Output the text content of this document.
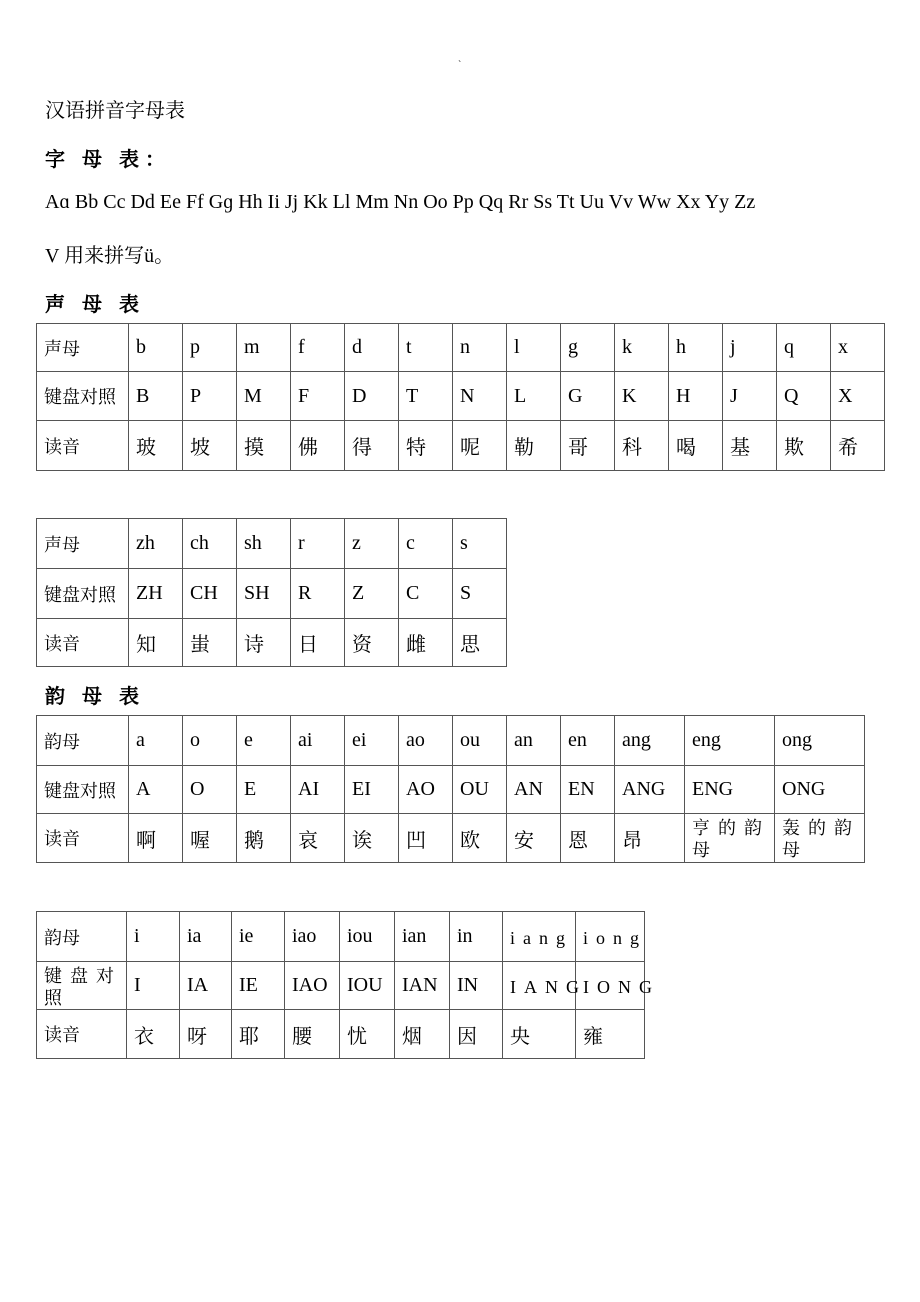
`
汉语拼音字母表
字 母 表：
Aɑ Bb Cc Dd Ee Ff Gɡ Hh Ii Jj Kk Ll Mm Nn Oo Pp Qq Rr Ss Tt Uu Vv Ww Xx Yy Zz
V 用来拼写ü。
声 母 表
韵 母 表
声母	b	p	m	f	d	t	n	l	g	k	h	j	q	x
键盘对照	B	P	M	F	D	T	N	L	G	K	H	J	Q	X
读音	玻	坡	摸	佛	得	特	呢	勒	哥	科	喝	基	欺	希
声母	zh	ch	sh	r	z	c	s
键盘对照	ZH	CH	SH	R	Z	C	S
读音	知	蚩	诗	日	资	雌	思
韵母	a	o	e	ai	ei	ao	ou	an	en	ang	eng	ong
键盘对照	A	O	E	AI	EI	AO	OU	AN	EN	ANG	ENG	ONG
读音	啊	喔	鹅	哀	诶	凹	欧	安	恩	昂	亨的韵母	轰的韵母
韵母	i	ia	ie	iao	iou	ian	in	iang	iong
键盘对照	I	IA	IE	IAO	IOU	IAN	IN	IANG	IONG
读音	衣	呀	耶	腰	忧	烟	因	央	雍
